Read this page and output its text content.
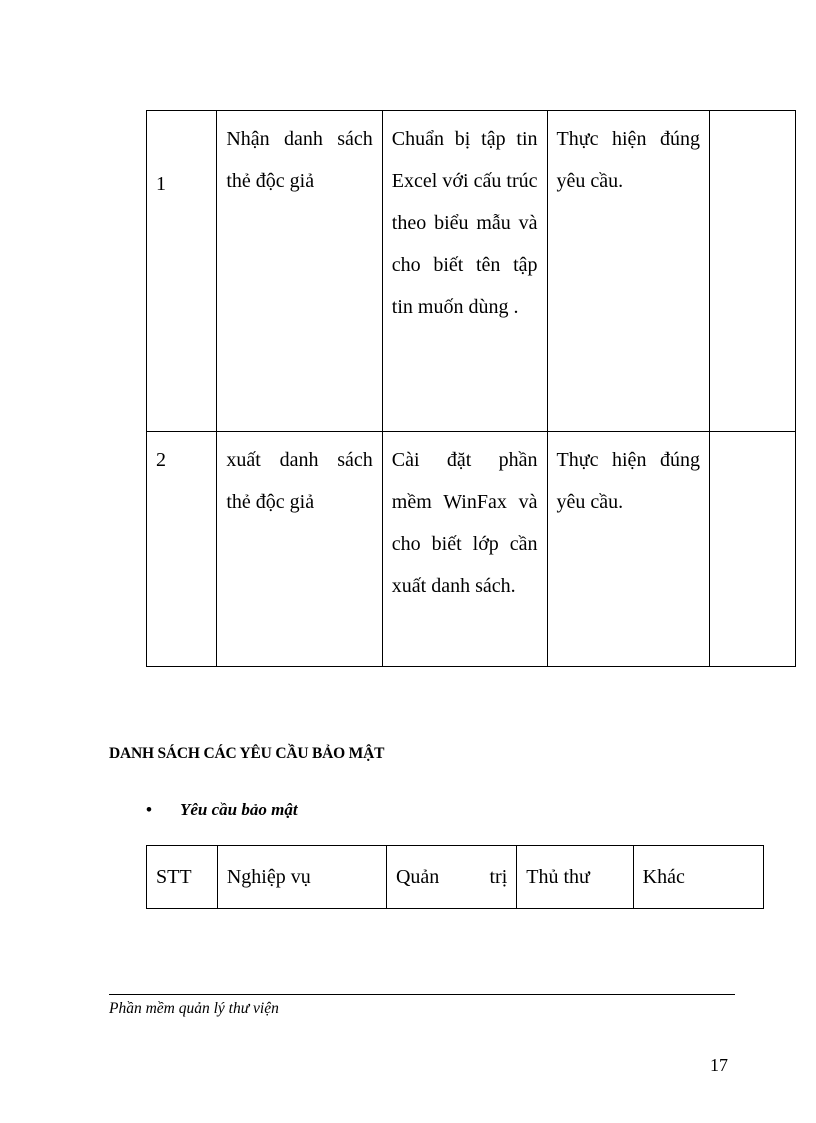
1	Nhận danh sách thẻ độc giả	Chuẩn bị tập tin Excel với cấu trúc theo biểu mẫu và cho biết tên tập tin muốn dùng .	Thực hiện đúng yêu cầu.	

2	xuất danh sách thẻ độc giả	Cài đặt phần mềm WinFax và cho biết lớp cần xuất danh sách.	Thực hiện đúng yêu cầu.	

DANH SÁCH CÁC YÊU CẦU BẢO MẬT
• Yêu cầu bảo mật
STT	Nghiệp vụ	Quản trị	Thủ thư	Khác
Phần mềm quản lý thư viện
17
